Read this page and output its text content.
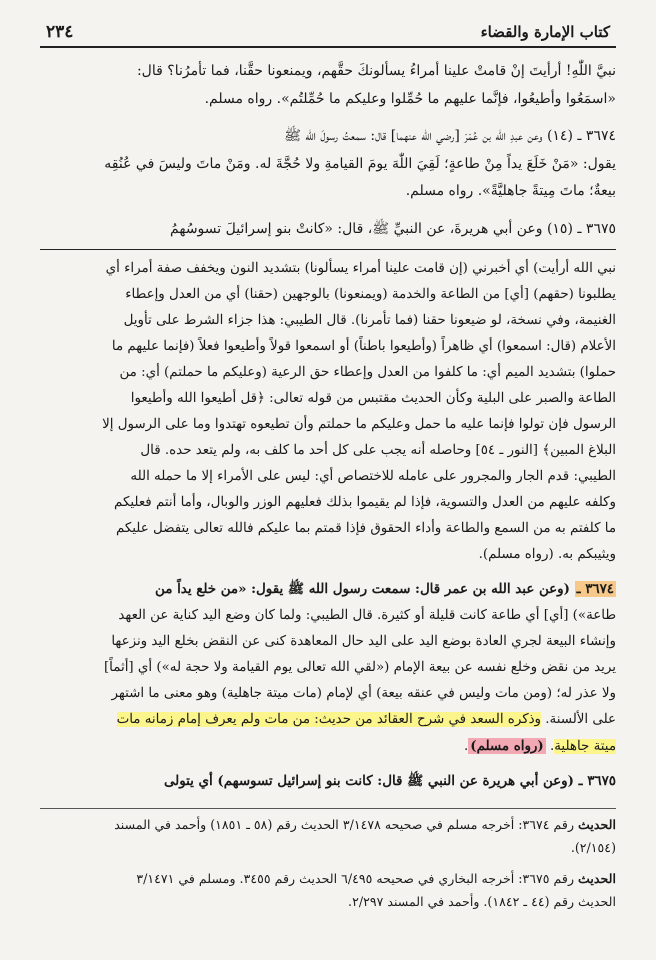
كتاب الإمارة والقضاء
٢٣٤

نبيَّ اللّٰهِ! أرأيتَ إنْ قامتْ علينا أمراءُ يسألونكَ حقَّهم، ويمنعونا حقَّنا، فما تأمرُنا؟ قال:

«اسمَعُوا وأطيعُوا، فإنَّما عليهم ما حُمِّلوا وعليكم ما حُمِّلتُم». رواه مسلم.

٣٦٧٤ ـ (١٤) وعن عبدِ الله بن عُمَرَ [رضي الله عنهما] قال: سمعتُ رسولَ الله ﷺ

يقول: «مَنْ خَلَعَ يداً مِنْ طاعةٍ؛ لَقِيَ اللّٰهَ يومَ القيامةِ ولا حُجَّةَ له. ومَنْ ماتَ وليسَ في عُنُقِه

بيعةٌ؛ ماتَ مِيتةً جاهليَّةً». رواه مسلم.

٣٦٧٥ ـ (١٥) وعن أبي هريرةَ، عن النبيِّ ﷺ، قال: «كانتْ بنو إسرائيلَ تسوسُهمُ

نبي الله أرأيت) أي أخبرني (إن قامت علينا أمراء يسألونا) بتشديد النون ويخفف صفة أمراء أي

يطلبونا (حقهم) [أي] من الطاعة والخدمة (ويمنعونا) بالوجهين (حقنا) أي من العدل وإعطاء

الغنيمة، وفي نسخة، لو ضيعونا حقنا (فما تأمرنا). قال الطيبي: هذا جزاء الشرط على تأويل

الأعلام (قال: اسمعوا) أي ظاهراً (وأطيعوا باطناً) أو اسمعوا قولاً وأطيعوا فعلاً (فإنما عليهم ما

حملوا) بتشديد الميم أي: ما كلفوا من العدل وإعطاء حق الرعية (وعليكم ما حملتم) أي: من

الطاعة والصبر على البلية وكأن الحديث مقتبس من قوله تعالى: ﴿قل أطيعوا الله وأطيعوا

الرسول فإن تولوا فإنما عليه ما حمل وعليكم ما حملتم وأن تطيعوه تهتدوا وما على الرسول إلا

البلاغ المبين﴾ [النور ـ ٥٤] وحاصله أنه يجب على كل أحد ما كلف به، ولم يتعد حده. قال

الطيبي: قدم الجار والمجرور على عامله للاختصاص أي: ليس على الأمراء إلا ما حمله الله

وكلفه عليهم من العدل والتسوية، فإذا لم يقيموا بذلك فعليهم الوزر والوبال، وأما أنتم فعليكم

ما كلفتم به من السمع والطاعة وأداء الحقوق فإذا قمتم بما عليكم فالله تعالى يتفضل عليكم

ويثيبكم به. (رواه مسلم).

٣٦٧٤ ـ (وعن عبد الله بن عمر قال: سمعت رسول الله ﷺ يقول: «من خلع يداً من

طاعة») [أي] أي طاعة كانت قليلة أو كثيرة. قال الطيبي: ولما كان وضع اليد كناية عن العهد

وإنشاء البيعة لجري العادة بوضع اليد على اليد حال المعاهدة كنى عن النقض بخلع اليد ونزعها

يريد من نقض وخلع نفسه عن بيعة الإمام («لقي الله تعالى يوم القيامة ولا حجة له») أي [أثماً]

ولا عذر له؛ (ومن مات وليس في عنقه بيعة) أي لإمام (مات ميتة جاهلية) وهو معنى ما اشتهر

على الألسنة. وذكره السعد في شرح العقائد من حديث: من مات ولم يعرف إمام زمانه مات

ميتة جاهلية. (رواه مسلم).

٣٦٧٥ ـ (وعن أبي هريرة عن النبي ﷺ قال: كانت بنو إسرائيل تسوسهم) أي يتولى

الحديث رقم ٣٦٧٤: أخرجه مسلم في صحيحه ٣/١٤٧٨ الحديث رقم (٥٨ ـ ١٨٥١) وأحمد في المسند

(٢/١٥٤).

الحديث رقم ٣٦٧٥: أخرجه البخاري في صحيحه ٦/٤٩٥ الحديث رقم ٣٤٥٥. ومسلم في ٣/١٤٧١

الحديث رقم (٤٤ ـ ١٨٤٢). وأحمد في المسند ٢/٢٩٧.
